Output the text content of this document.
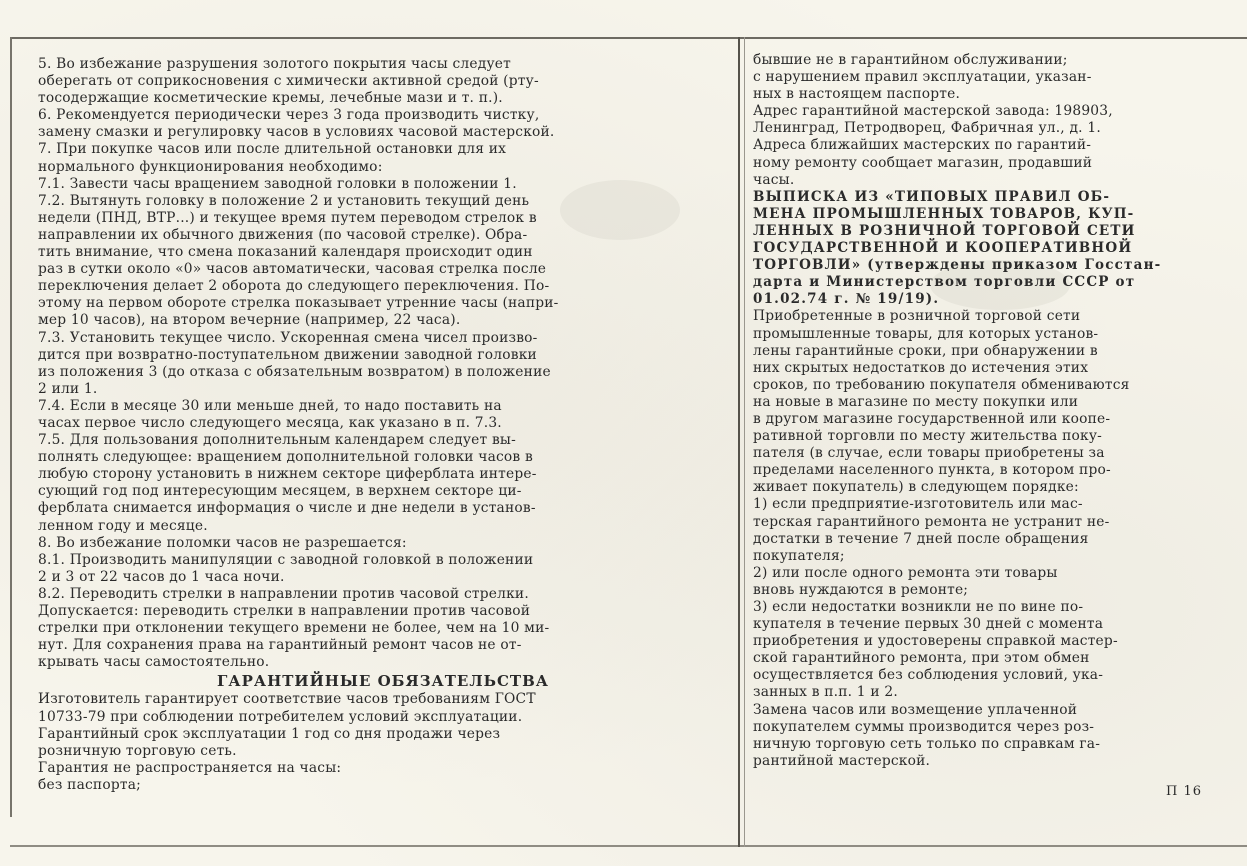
5. Во избежание разрушения золотого покрытия часы следует

оберегать от соприкосновения с химически активной средой (рту-

тосодержащие косметические кремы, лечебные мази и т. п.).

6. Рекомендуется периодически через 3 года производить чистку,

замену смазки и регулировку часов в условиях часовой мастерской.

7. При покупке часов или после длительной остановки для их

нормального функционирования необходимо:

7.1. Завести часы вращением заводной головки в положении 1.

7.2. Вытянуть головку в положение 2 и установить текущий день

недели (ПНД, ВТР...) и текущее время путем переводом стрелок в

направлении их обычного движения (по часовой стрелке). Обра-

тить внимание, что смена показаний календаря происходит один

раз в сутки около «0» часов автоматически, часовая стрелка после

переключения делает 2 оборота до следующего переключения. По-

этому на первом обороте стрелка показывает утренние часы (напри-

мер 10 часов), на втором вечерние (например, 22 часа).

7.3. Установить текущее число. Ускоренная смена чисел произво-

дится при возвратно-поступательном движении заводной головки

из положения 3 (до отказа с обязательным возвратом) в положение

2 или 1.

7.4. Если в месяце 30 или меньше дней, то надо поставить на

часах первое число следующего месяца, как указано в п. 7.3.

7.5. Для пользования дополнительным календарем следует вы-

полнять следующее: вращением дополнительной головки часов в

любую сторону установить в нижнем секторе циферблата интере-

сующий год под интересующим месяцем, в верхнем секторе ци-

ферблата снимается информация о числе и дне недели в установ-

ленном году и месяце.

8. Во избежание поломки часов не разрешается:

8.1. Производить манипуляции с заводной головкой в положении

2 и 3 от 22 часов до 1 часа ночи.

8.2. Переводить стрелки в направлении против часовой стрелки.

Допускается: переводить стрелки в направлении против часовой

стрелки при отклонении текущего времени не более, чем на 10 ми-

нут. Для сохранения права на гарантийный ремонт часов не от-

крывать часы самостоятельно.

ГАРАНТИЙНЫЕ ОБЯЗАТЕЛЬСТВА

Изготовитель гарантирует соответствие часов требованиям ГОСТ

10733-79 при соблюдении потребителем условий эксплуатации.

Гарантийный срок эксплуатации 1 год со дня продажи через

розничную торговую сеть.

Гарантия не распространяется на часы:

без паспорта;

бывшие не в гарантийном обслуживании;

с нарушением правил эксплуатации, указан-

ных в настоящем паспорте.

Адрес гарантийной мастерской завода: 198903,

Ленинград, Петродворец, Фабричная ул., д. 1.

Адреса ближайших мастерских по гарантий-

ному ремонту сообщает магазин, продавший

часы.

ВЫПИСКА ИЗ «ТИПОВЫХ ПРАВИЛ ОБ-

МЕНА ПРОМЫШЛЕННЫХ ТОВАРОВ, КУП-

ЛЕННЫХ В РОЗНИЧНОЙ ТОРГОВОЙ СЕТИ

ГОСУДАРСТВЕННОЙ И КООПЕРАТИВНОЙ

ТОРГОВЛИ» (утверждены приказом Госстан-

дарта и Министерством торговли СССР от

01.02.74 г. № 19/19).

Приобретенные в розничной торговой сети

промышленные товары, для которых установ-

лены гарантийные сроки, при обнаружении в

них скрытых недостатков до истечения этих

сроков, по требованию покупателя обмениваются

на новые в магазине по месту покупки или

в другом магазине государственной или коопе-

ративной торговли по месту жительства поку-

пателя (в случае, если товары приобретены за

пределами населенного пункта, в котором про-

живает покупатель) в следующем порядке:

1) если предприятие-изготовитель или мас-

терская гарантийного ремонта не устранит не-

достатки в течение 7 дней после обращения

покупателя;

2) или после одного ремонта эти товары

вновь нуждаются в ремонте;

3) если недостатки возникли не по вине по-

купателя в течение первых 30 дней с момента

приобретения и удостоверены справкой мастер-

ской гарантийного ремонта, при этом обмен

осуществляется без соблюдения условий, ука-

занных в п.п. 1 и 2.

Замена часов или возмещение уплаченной

покупателем суммы производится через роз-

ничную торговую сеть только по справкам га-

рантийной мастерской.

П 16
